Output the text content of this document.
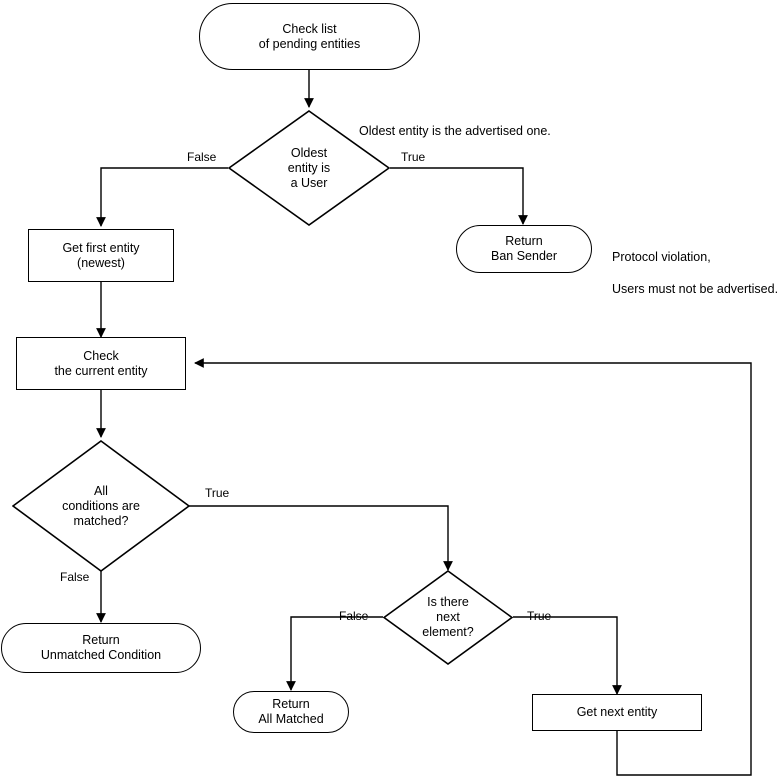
Check list
of pending entities
Oldest
entity is
a User
Return
Ban Sender
Get first entity
(newest)
Check
the current entity
All
conditions are
matched?
Return
Unmatched Condition
Is there
next
element?
Return
All Matched	Get next entity
False	True
True
False
False	True
Oldest entity is the advertised one.

Protocol violation,

Users must not be advertised.
